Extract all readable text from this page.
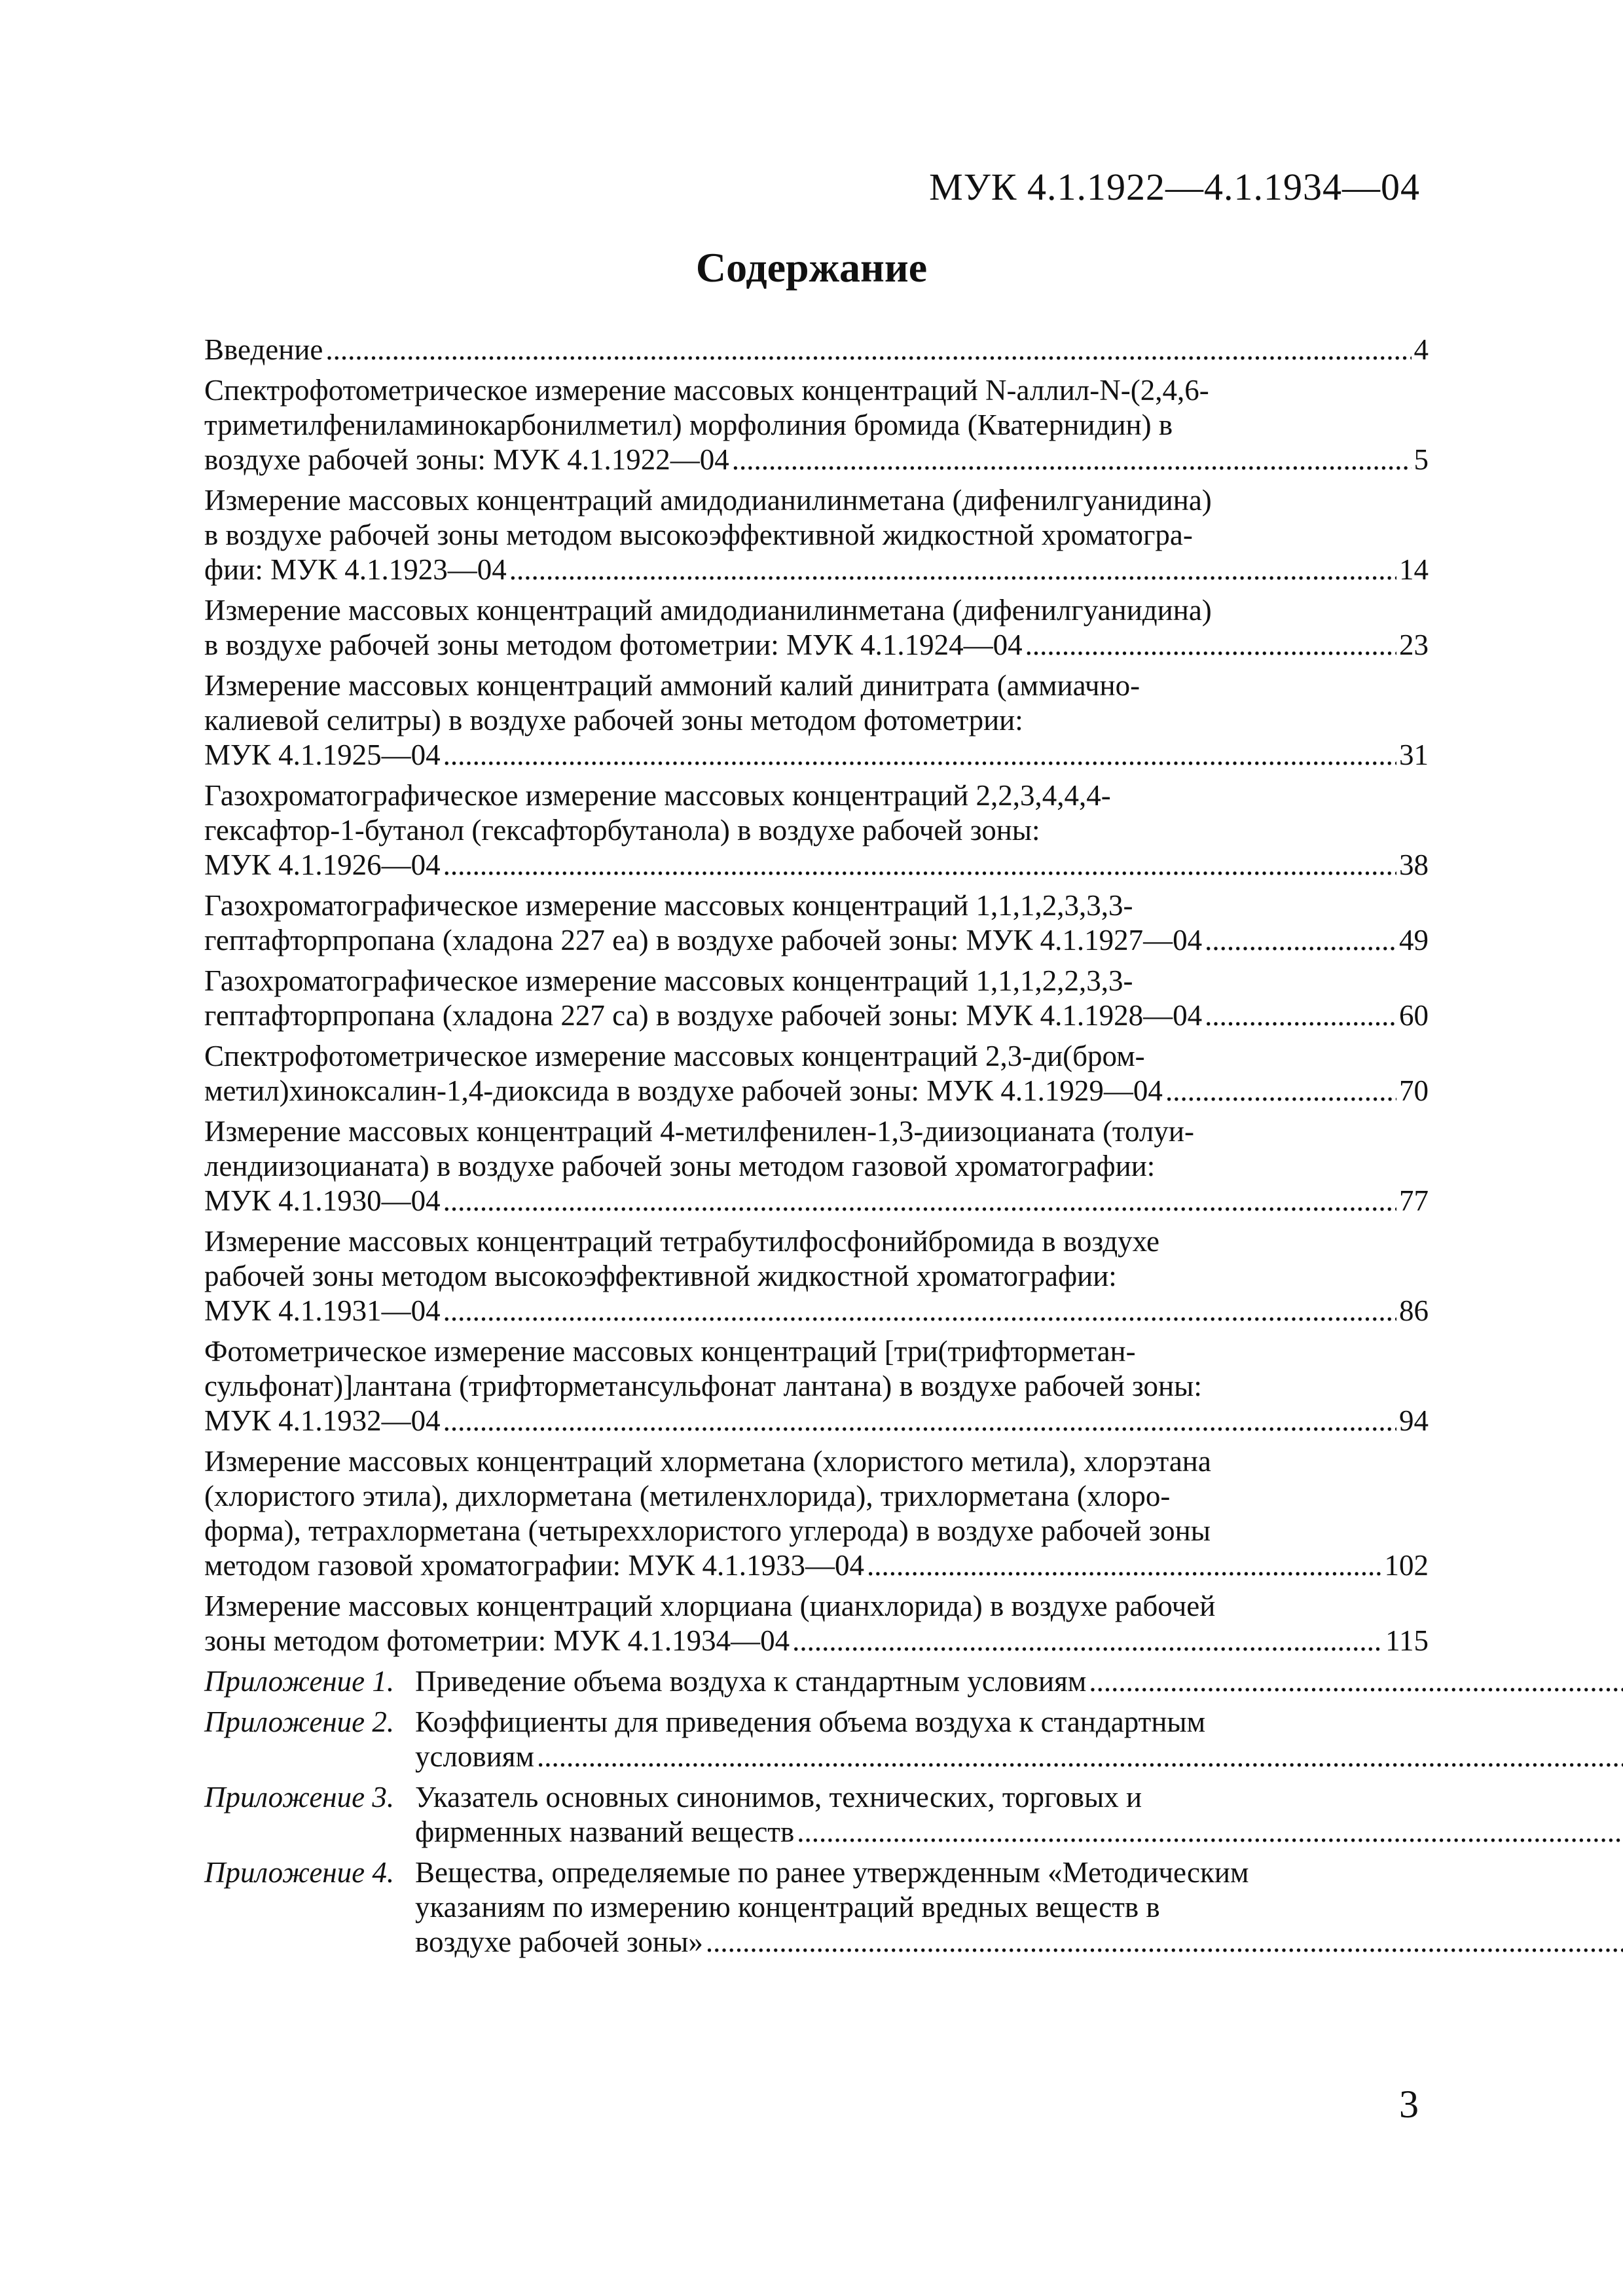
МУК 4.1.1922—4.1.1934—04
Содержание
Введение .....	4
Спектрофотометрическое измерение массовых концентраций N-аллил-N-(2,4,6-
триметилфениламинокарбонилметил) морфолиния бромида (Кватернидин) в
воздухе рабочей зоны: МУК 4.1.1922—04 .....	5
Измерение массовых концентраций амидодианилинметана (дифенилгуанидина)
в воздухе рабочей зоны методом высокоэффективной жидкостной хроматогра-
фии: МУК 4.1.1923—04 .....	14
Измерение массовых концентраций амидодианилинметана (дифенилгуанидина)
в воздухе рабочей зоны методом фотометрии: МУК 4.1.1924—04 .....	23
Измерение массовых концентраций аммоний калий динитрата (аммиачно-
калиевой селитры) в воздухе рабочей зоны методом фотометрии:
МУК 4.1.1925—04 .....	31
Газохроматографическое измерение массовых концентраций 2,2,3,4,4,4-
гексафтор-1-бутанол (гексафторбутанола) в воздухе рабочей зоны:
МУК 4.1.1926—04 .....	38
Газохроматографическое измерение массовых концентраций 1,1,1,2,3,3,3-
гептафторпропана (хладона 227 еа) в воздухе рабочей зоны: МУК 4.1.1927—04 .....	49
Газохроматографическое измерение массовых концентраций 1,1,1,2,2,3,3-
гептафторпропана (хладона 227 са) в воздухе рабочей зоны: МУК 4.1.1928—04 .....	60
Спектрофотометрическое измерение массовых концентраций 2,3-ди(бром-
метил)хиноксалин-1,4-диоксида в воздухе рабочей зоны: МУК 4.1.1929—04 .....	70
Измерение массовых концентраций 4-метилфенилен-1,3-диизоцианата (толуи-
лендиизоцианата) в воздухе рабочей зоны методом газовой хроматографии:
МУК 4.1.1930—04 .....	77
Измерение массовых концентраций тетрабутилфосфонийбромида в воздухе
рабочей зоны методом высокоэффективной жидкостной хроматографии:
МУК 4.1.1931—04 .....	86
Фотометрическое измерение массовых концентраций [три(трифторметан-
сульфонат)]лантана (трифторметансульфонат лантана) в воздухе рабочей зоны:
МУК 4.1.1932—04 .....	94
Измерение массовых концентраций хлорметана (хлористого метила), хлорэтана
(хлористого этила), дихлорметана (метиленхлорида), трихлорметана (хлоро-
форма), тетрахлорметана (четыреххлористого углерода) в воздухе рабочей зоны
методом газовой хроматографии: МУК 4.1.1933—04 .....	102
Измерение массовых концентраций хлорциана (цианхлорида) в воздухе рабочей
зоны методом фотометрии: МУК 4.1.1934—04 .....	115
Приложение 1. Приведение объема воздуха к стандартным условиям
.....
Приложение 2. Коэффициенты для приведения объема воздуха к стандартным
условиям
.....
Приложение 3. Указатель основных синонимов, технических, торговых и
фирменных названий веществ
.....
Приложение 4. Вещества, определяемые по ранее утвержденным «Методическим
указаниям по измерению концентраций вредных веществ в
воздухе рабочей зоны»
.....
3
